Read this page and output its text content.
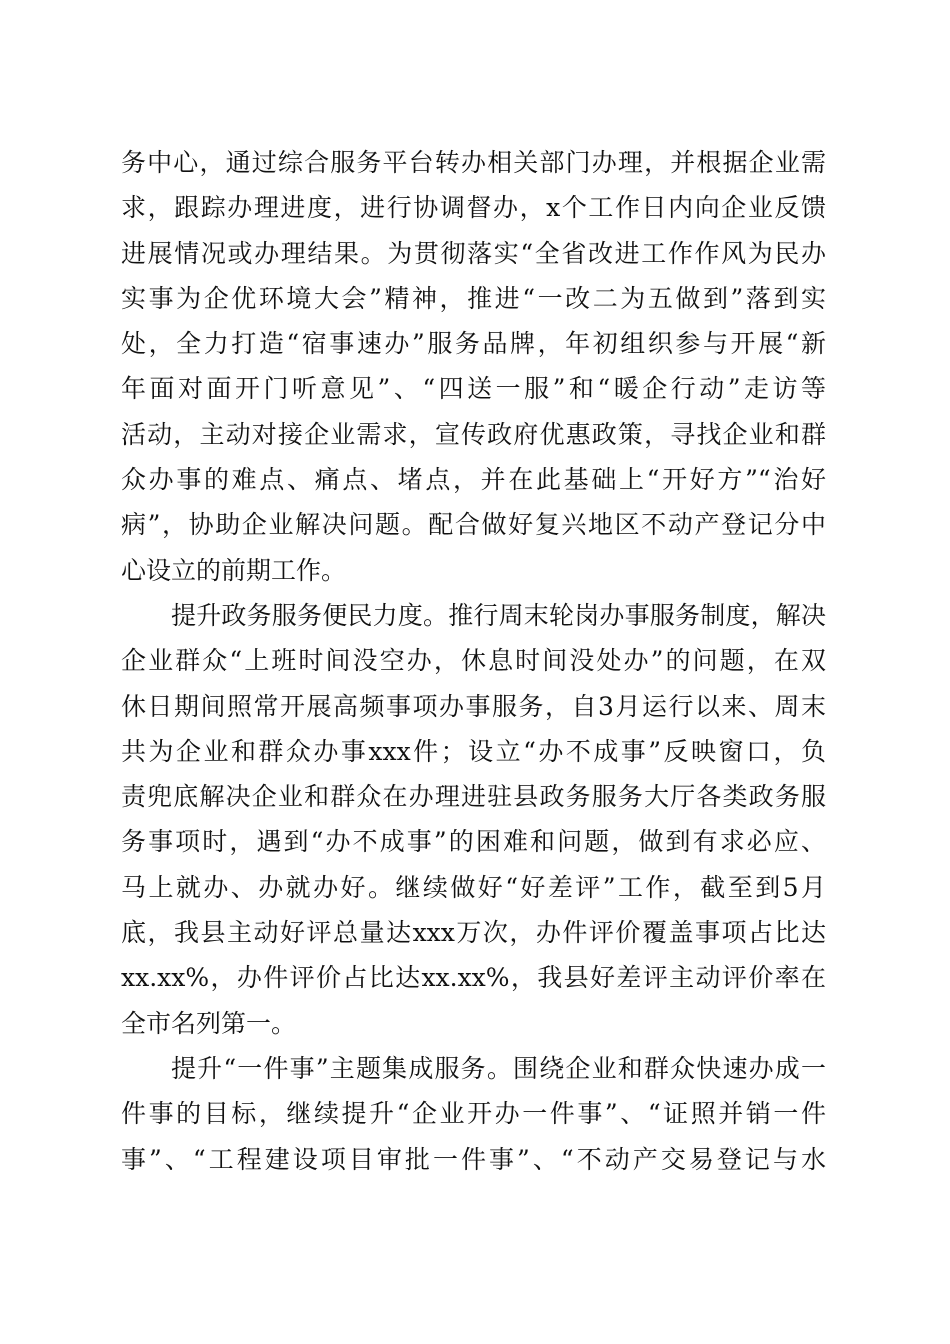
务中心，通过综合服务平台转办相关部门办理，并根据企业需
求，跟踪办理进度，进行协调督办，x个工作日内向企业反馈
进展情况或办理结果。为贯彻落实“全省改进工作作风为民办
实事为企优环境大会”精神，推进“一改二为五做到”落到实
处，全力打造“宿事速办”服务品牌，年初组织参与开展“新
年面对面开门听意见”、“四送一服”和“暖企行动”走访等
活动，主动对接企业需求，宣传政府优惠政策，寻找企业和群
众办事的难点、痛点、堵点，并在此基础上“开好方”“治好
病”，协助企业解决问题。配合做好复兴地区不动产登记分中
心设立的前期工作。
提升政务服务便民力度。推行周末轮岗办事服务制度，解决
企业群众“上班时间没空办，休息时间没处办”的问题，在双
休日期间照常开展高频事项办事服务，自3月运行以来、周末
共为企业和群众办事xxx件；设立“办不成事”反映窗口，负
责兜底解决企业和群众在办理进驻县政务服务大厅各类政务服
务事项时，遇到“办不成事”的困难和问题，做到有求必应、
马上就办、办就办好。继续做好“好差评”工作，截至到5月
底，我县主动好评总量达xxx万次，办件评价覆盖事项占比达
xx.xx%，办件评价占比达xx.xx%，我县好差评主动评价率在
全市名列第一。
提升“一件事”主题集成服务。围绕企业和群众快速办成一
件事的目标，继续提升“企业开办一件事”、“证照并销一件
事”、“工程建设项目审批一件事”、“不动产交易登记与水
